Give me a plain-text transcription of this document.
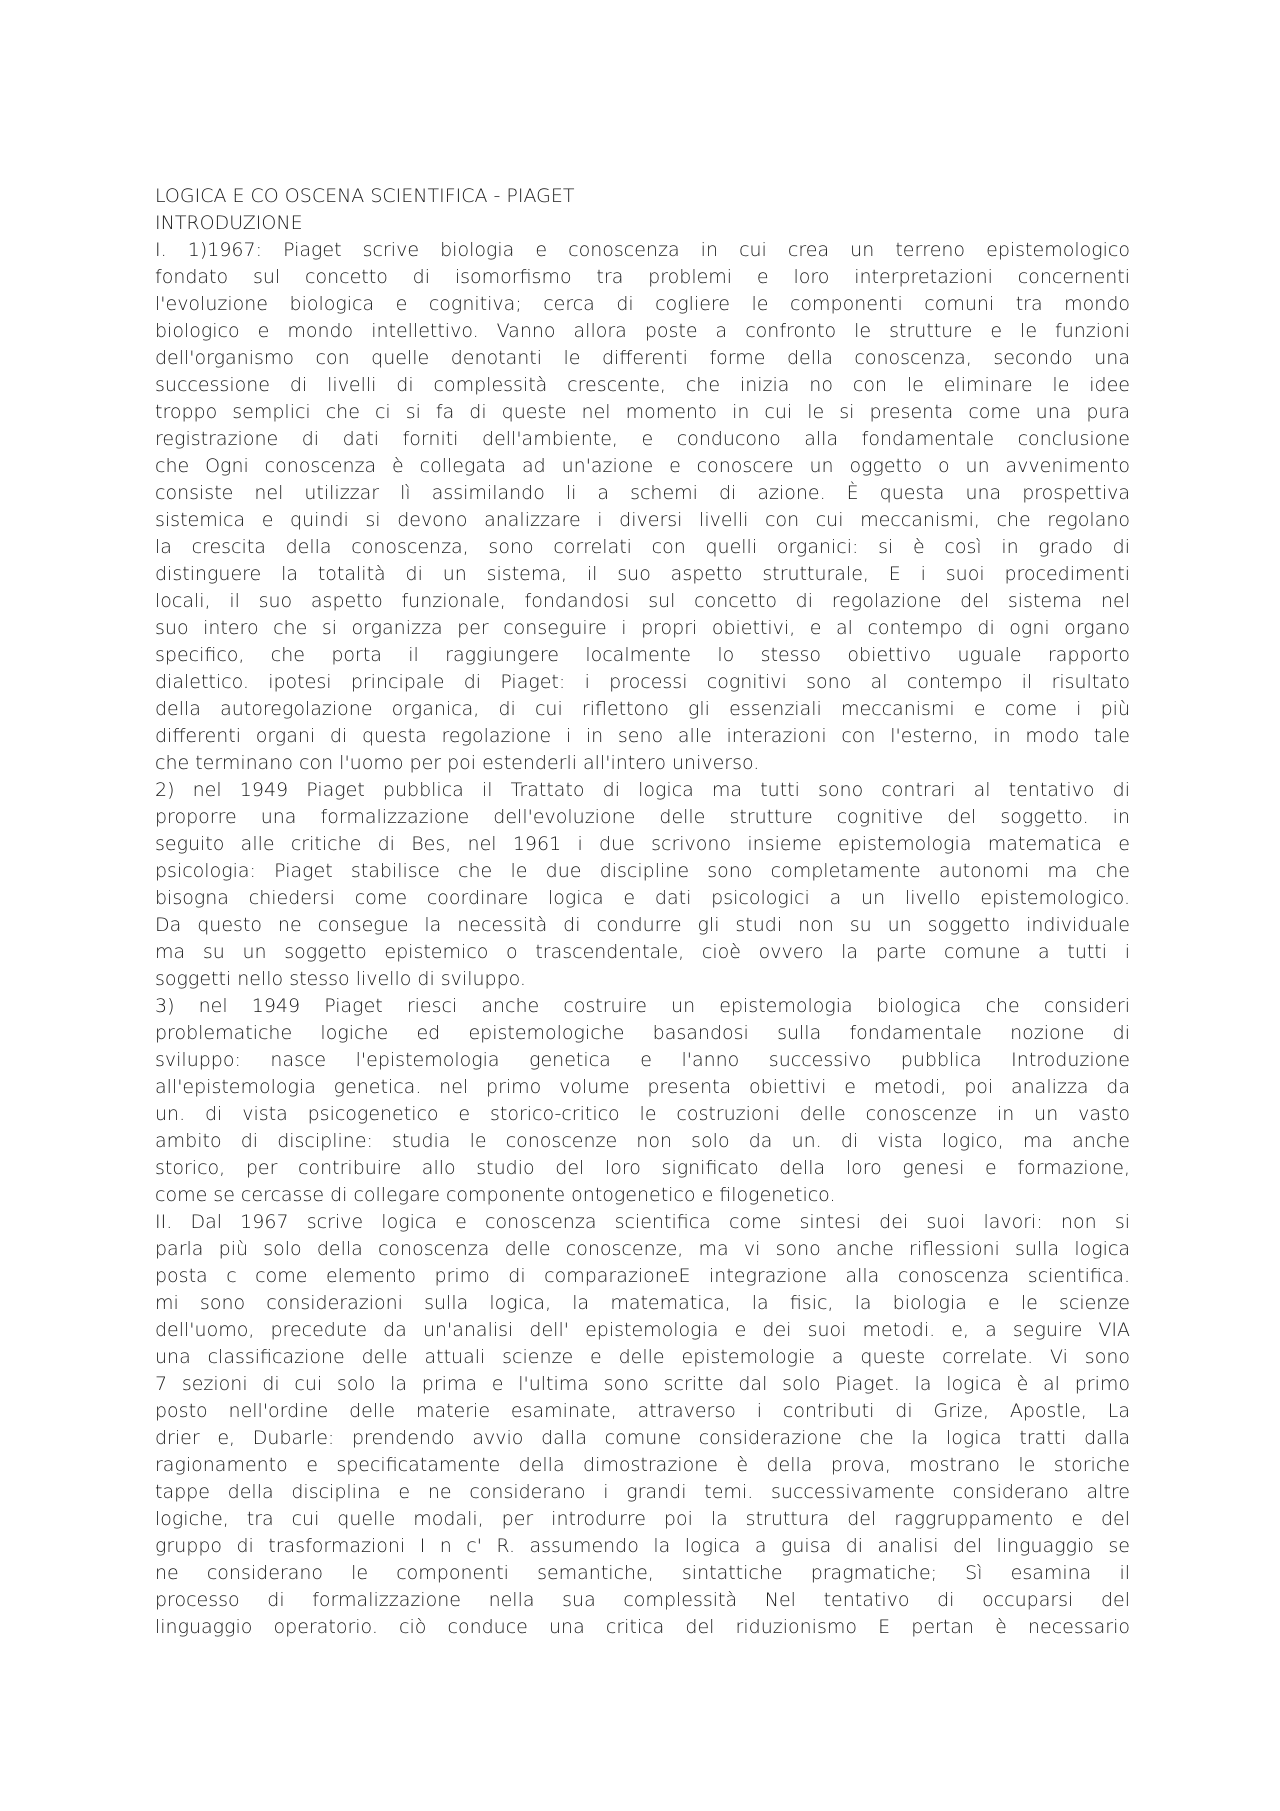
LOGICA E CO OSCENA SCIENTIFICA - PIAGET
INTRODUZIONE
I. 1)1967: Piaget scrive biologia e conoscenza in cui crea un terreno epistemologico
fondato sul concetto di isomorfismo tra problemi e loro interpretazioni concernenti
l'evoluzione biologica e cognitiva; cerca di cogliere le componenti comuni tra mondo
biologico e mondo intellettivo. Vanno allora poste a confronto le strutture e le funzioni
dell'organismo con quelle denotanti le differenti forme della conoscenza, secondo una
successione di livelli di complessità crescente, che inizia no con le eliminare le idee
troppo semplici che ci si fa di queste nel momento in cui le si presenta come una pura
registrazione di dati forniti dell'ambiente, e conducono alla fondamentale conclusione
che Ogni conoscenza è collegata ad un'azione e conoscere un oggetto o un avvenimento
consiste nel utilizzar lì assimilando li a schemi di azione. È questa una prospettiva
sistemica e quindi si devono analizzare i diversi livelli con cui meccanismi, che regolano
la crescita della conoscenza, sono correlati con quelli organici: si è così in grado di
distinguere la totalità di un sistema, il suo aspetto strutturale, E i suoi procedimenti
locali, il suo aspetto funzionale, fondandosi sul concetto di regolazione del sistema nel
suo intero che si organizza per conseguire i propri obiettivi, e al contempo di ogni organo
specifico, che porta il raggiungere localmente lo stesso obiettivo uguale rapporto
dialettico. ipotesi principale di Piaget: i processi cognitivi sono al contempo il risultato
della autoregolazione organica, di cui riflettono gli essenziali meccanismi e come i più
differenti organi di questa regolazione i in seno alle interazioni con l'esterno, in modo tale
che terminano con l'uomo per poi estenderli all'intero universo.
2) nel 1949 Piaget pubblica il Trattato di logica ma tutti sono contrari al tentativo di
proporre una formalizzazione dell'evoluzione delle strutture cognitive del soggetto. in
seguito alle critiche di Bes, nel 1961 i due scrivono insieme epistemologia matematica e
psicologia: Piaget stabilisce che le due discipline sono completamente autonomi ma che
bisogna chiedersi come coordinare logica e dati psicologici a un livello epistemologico.
Da questo ne consegue la necessità di condurre gli studi non su un soggetto individuale
ma su un soggetto epistemico o trascendentale, cioè ovvero la parte comune a tutti i
soggetti nello stesso livello di sviluppo.
3) nel 1949 Piaget riesci anche costruire un epistemologia biologica che consideri
problematiche logiche ed epistemologiche basandosi sulla fondamentale nozione di
sviluppo: nasce l'epistemologia genetica e l'anno successivo pubblica Introduzione
all'epistemologia genetica. nel primo volume presenta obiettivi e metodi, poi analizza da
un. di vista psicogenetico e storico-critico le costruzioni delle conoscenze in un vasto
ambito di discipline: studia le conoscenze non solo da un. di vista logico, ma anche
storico, per contribuire allo studio del loro significato della loro genesi e formazione,
come se cercasse di collegare componente ontogenetico e filogenetico.
II. Dal 1967 scrive logica e conoscenza scientifica come sintesi dei suoi lavori: non si
parla più solo della conoscenza delle conoscenze, ma vi sono anche riflessioni sulla logica
posta c come elemento primo di comparazioneE integrazione alla conoscenza scientifica.
mi sono considerazioni sulla logica, la matematica, la fisic, la biologia e le scienze
dell'uomo, precedute da un'analisi dell' epistemologia e dei suoi metodi. e, a seguire VIA
una classificazione delle attuali scienze e delle epistemologie a queste correlate. Vi sono
7 sezioni di cui solo la prima e l'ultima sono scritte dal solo Piaget. la logica è al primo
posto nell'ordine delle materie esaminate, attraverso i contributi di Grize, Apostle, La
drier e, Dubarle: prendendo avvio dalla comune considerazione che la logica tratti dalla
ragionamento e specificatamente della dimostrazione è della prova, mostrano le storiche
tappe della disciplina e ne considerano i grandi temi. successivamente considerano altre
logiche, tra cui quelle modali, per introdurre poi la struttura del raggruppamento e del
gruppo di trasformazioni I n c' R. assumendo la logica a guisa di analisi del linguaggio se
ne considerano le componenti semantiche, sintattiche pragmatiche; Sì esamina il
processo di formalizzazione nella sua complessità Nel tentativo di occuparsi del
linguaggio operatorio. ciò conduce una critica del riduzionismo E pertan è necessario
